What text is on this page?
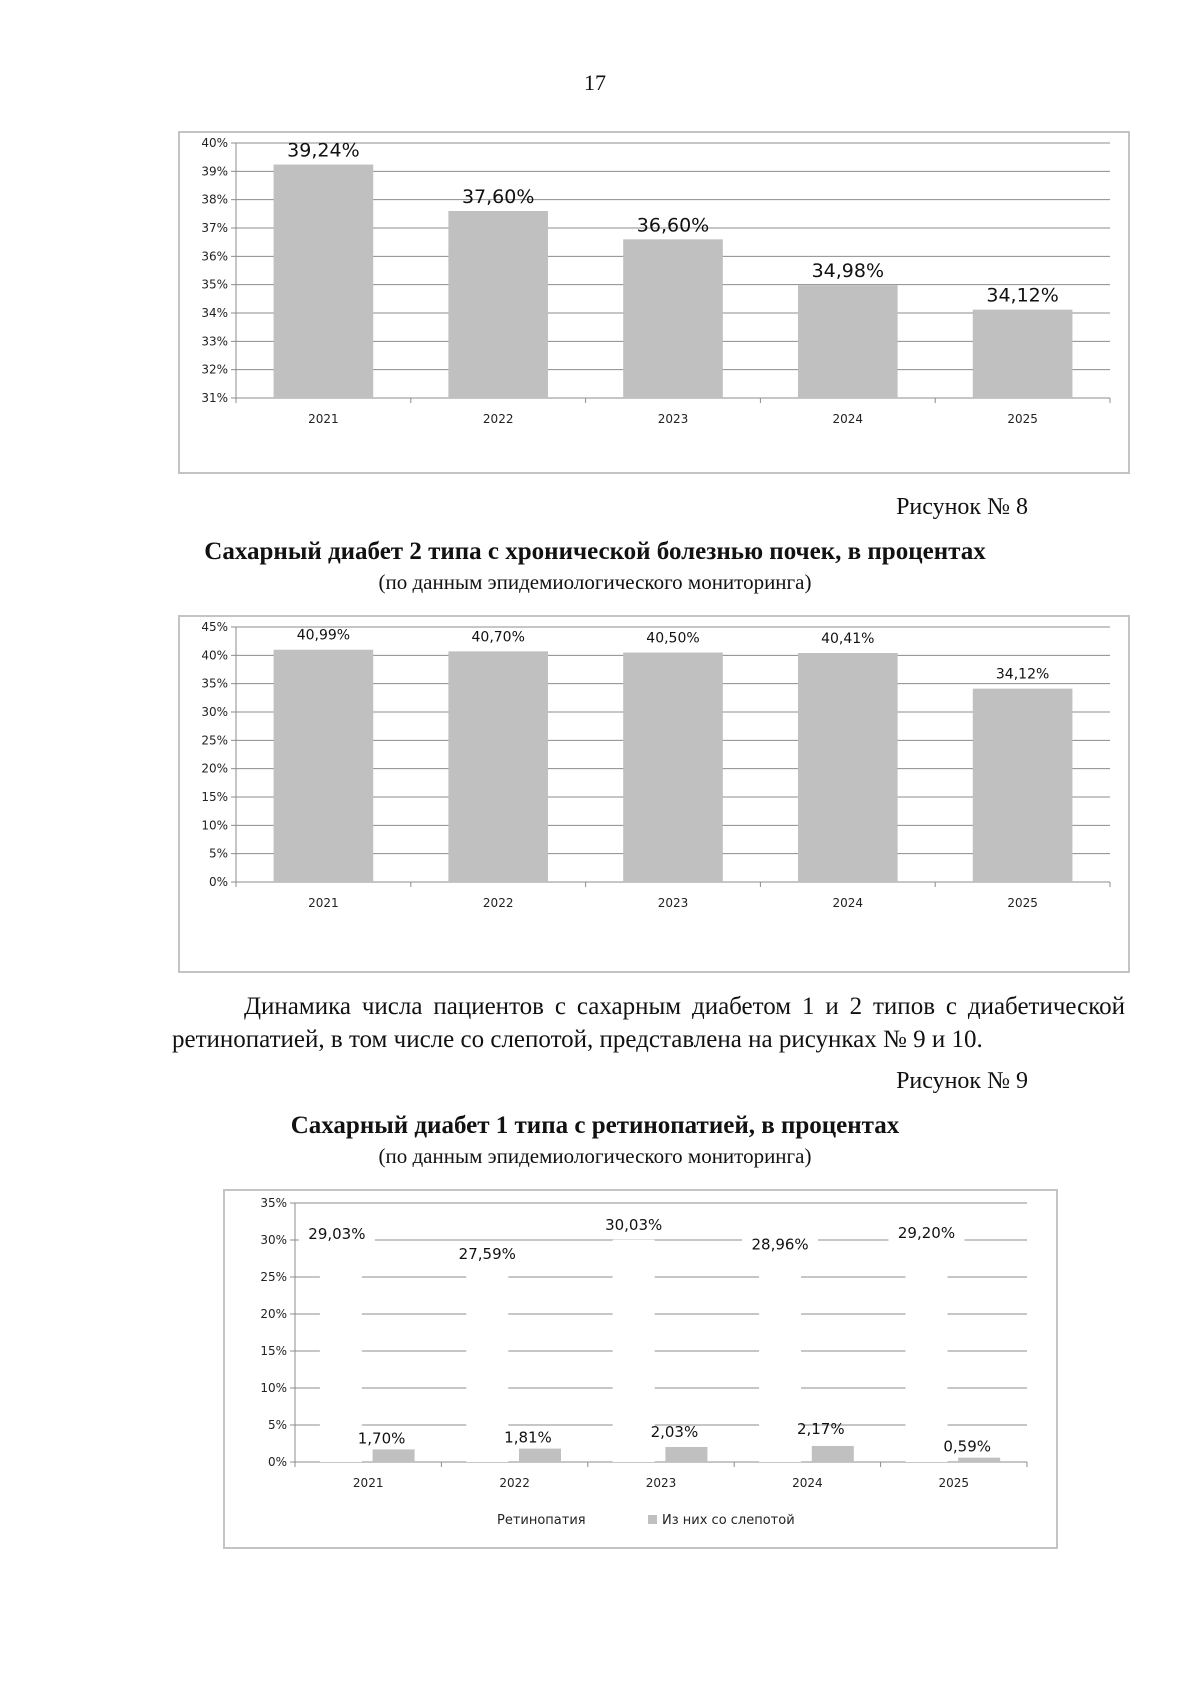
17
31%
32%
33%
34%
35%
36%
37%
38%
39%
40%	39,24%
2021
37,60%
2022
36,60%
2023
34,98%
2024
34,12%
2025
Рисунок № 8
Сахарный диабет 2 типа с хронической болезнью почек, в процентах
(по данным эпидемиологического мониторинга)
0%
5%
10%
15%
20%
25%
30%
35%
40%
45%
40,99%
2021
40,70%
2022
40,50%
2023
40,41%
2024
34,12%
2025
Динамика числа пациентов с сахарным диабетом 1 и 2 типов с диабетической ретинопатией, в том числе со слепотой, представлена на рисунках № 9 и 10.
Рисунок № 9
Сахарный диабет 1 типа с ретинопатией, в процентах
(по данным эпидемиологического мониторинга)
0%
5%
10%
15%
20%
25%
30%
35%
29,03%
1,70%
2021
27,59%
1,81%
2022
30,03%
2,03%
2023
28,96%
2,17%
2024
29,20%
0,59%
2025
Ретинопатия	Из них со слепотой
